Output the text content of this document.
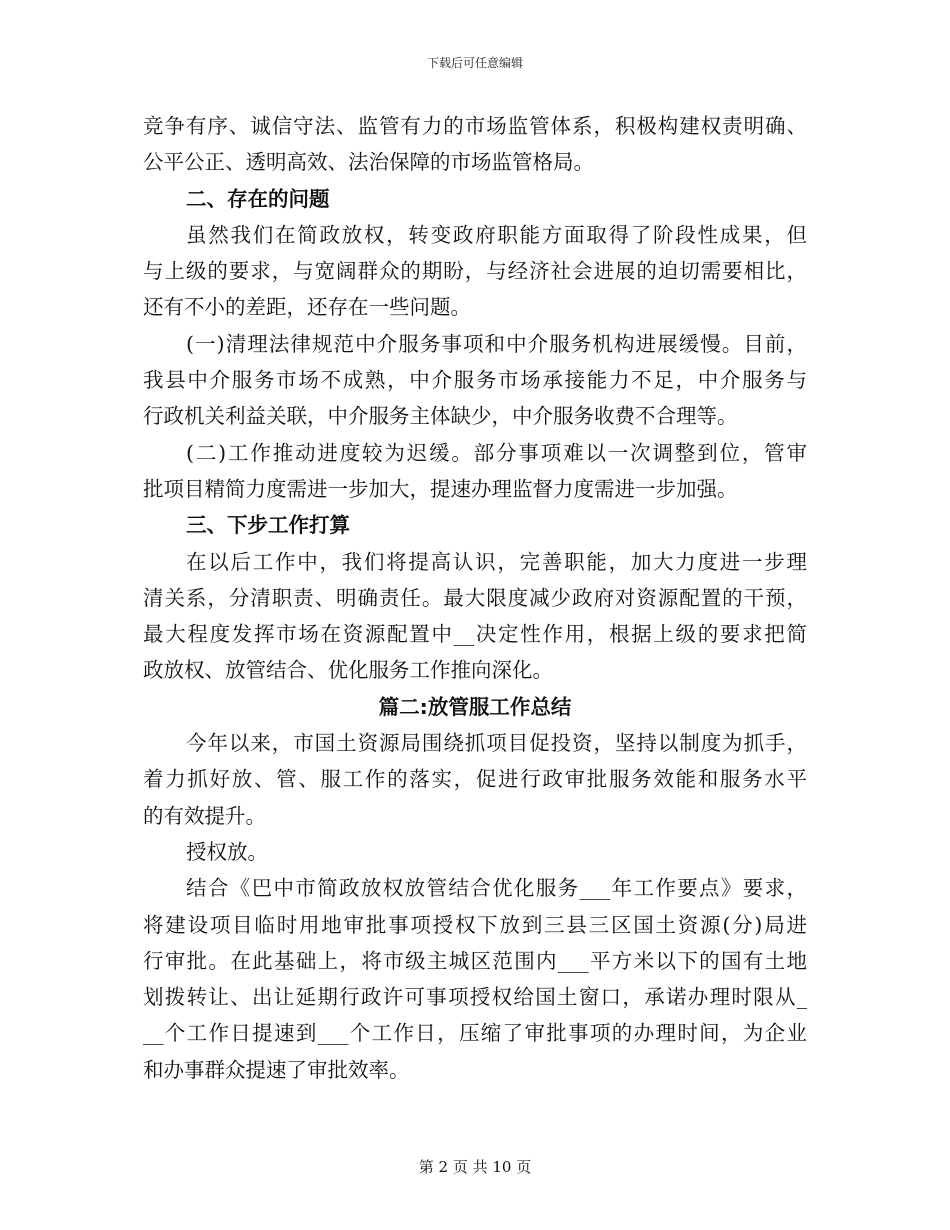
下载后可任意编辑
竞争有序、诚信守法、监管有力的市场监管体系，积极构建权责明确、
公平公正、透明高效、法治保障的市场监管格局。
二、存在的问题
虽然我们在简政放权，转变政府职能方面取得了阶段性成果，但
与上级的要求，与宽阔群众的期盼，与经济社会进展的迫切需要相比，
还有不小的差距，还存在一些问题。
(一)清理法律规范中介服务事项和中介服务机构进展缓慢。目前，
我县中介服务市场不成熟，中介服务市场承接能力不足，中介服务与
行政机关利益关联，中介服务主体缺少，中介服务收费不合理等。
(二)工作推动进度较为迟缓。部分事项难以一次调整到位，管审
批项目精简力度需进一步加大，提速办理监督力度需进一步加强。
三、下步工作打算
在以后工作中，我们将提高认识，完善职能，加大力度进一步理
清关系，分清职责、明确责任。最大限度减少政府对资源配置的干预，
最大程度发挥市场在资源配置中__决定性作用，根据上级的要求把简
政放权、放管结合、优化服务工作推向深化。
篇二:放管服工作总结
今年以来，市国土资源局围绕抓项目促投资，坚持以制度为抓手，
着力抓好放、管、服工作的落实，促进行政审批服务效能和服务水平
的有效提升。
授权放。
结合《巴中市简政放权放管结合优化服务___年工作要点》要求，
将建设项目临时用地审批事项授权下放到三县三区国土资源(分)局进
行审批。在此基础上，将市级主城区范围内___平方米以下的国有土地
划拨转让、出让延期行政许可事项授权给国土窗口，承诺办理时限从_
__个工作日提速到___个工作日，压缩了审批事项的办理时间，为企业
和办事群众提速了审批效率。
第 2 页 共 10 页
